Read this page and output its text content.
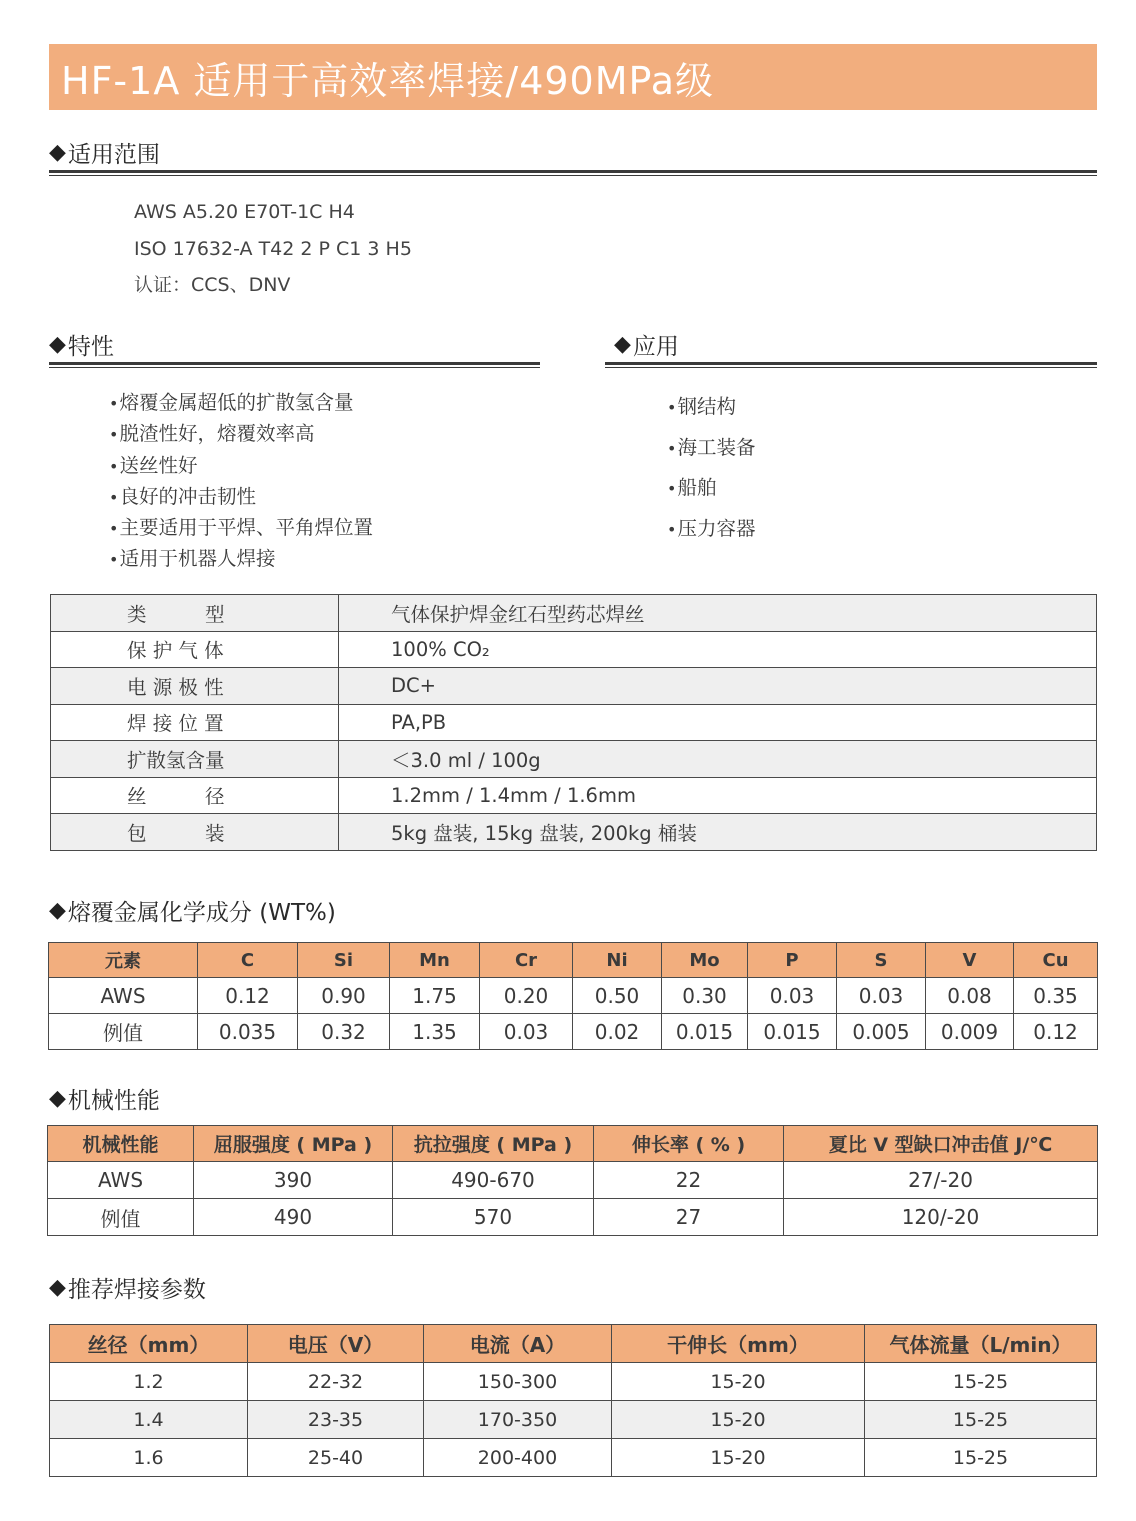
HF-1A 适用于高效率焊接/490MPa级
◆ 适用范围
AWS A5.20 E70T-1C H4
ISO 17632-A T42 2 P C1 3 H5
认证：CCS、DNV
◆ 特性
•熔覆金属超低的扩散氢含量
•脱渣性好，熔覆效率高
•送丝性好
•良好的冲击韧性
•主要适用于平焊、平角焊位置
•适用于机器人焊接
◆ 应用
•钢结构
•海工装备
•船舶
•压力容器
类　　　型	气体保护焊金红石型药芯焊丝
保 护 气 体	100% CO₂
电 源 极 性	DC+
焊 接 位 置	PA,PB
扩散氢含量	＜3.0 ml / 100g
丝　　　径	1.2mm / 1.4mm / 1.6mm
包　　　装	5kg 盘装, 15kg 盘装, 200kg 桶装
◆ 熔覆金属化学成分 (WT%)
元素	C	Si	Mn	Cr	Ni	Mo	P	S	V	Cu
AWS	0.12	0.90	1.75	0.20	0.50	0.30	0.03	0.03	0.08	0.35
例值	0.035	0.32	1.35	0.03	0.02	0.015	0.015	0.005	0.009	0.12
◆ 机械性能
机械性能	屈服强度 ( MPa )	抗拉强度 ( MPa )	伸长率 ( % )	夏比 V 型缺口冲击值 J/℃
AWS	390	490-670	22	27/-20
例值	490	570	27	120/-20
◆ 推荐焊接参数
丝径（mm）	电压（V）	电流（A）	干伸长（mm）	气体流量（L/min）
1.2	22-32	150-300	15-20	15-25
1.4	23-35	170-350	15-20	15-25
1.6	25-40	200-400	15-20	15-25
